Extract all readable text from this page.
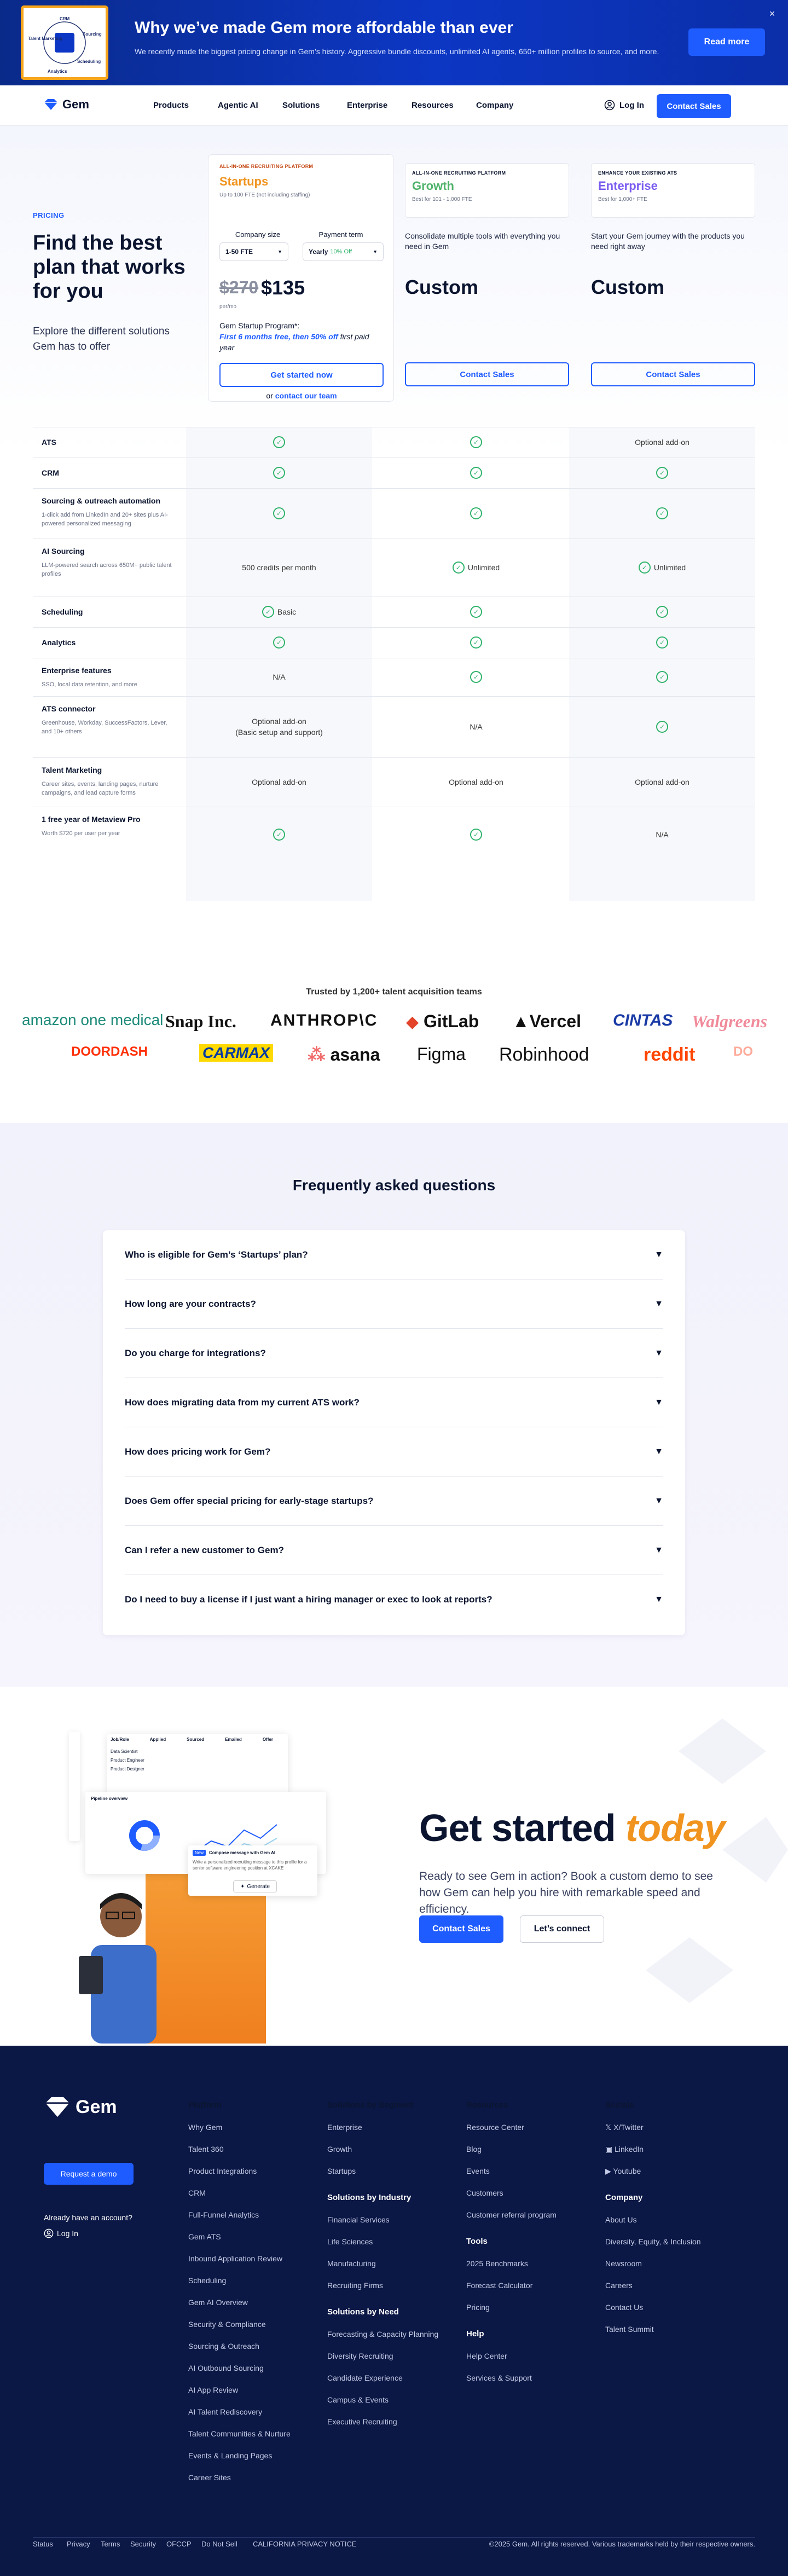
CRM
Sourcing
Scheduling
Talent Marketing
Analytics
Why we’ve made Gem more affordable than ever

We recently made the biggest pricing change in Gem’s history. Aggressive bundle discounts, unlimited AI agents, 650+ million profiles to source, and more.

Read more
×
Gem	Products	Agentic AI	Solutions	Enterprise	Resources	Company	Log In	Contact Sales
PRICING
Find the best plan that works for you

Explore the different solutions Gem has to offer

ALL-IN-ONE RECRUITING PLATFORM
Startups
Up to 100 FTE (not including staffing)
Company size
1-50 FTE	▼
Payment term
Yearly 10% Off	▼
$270 $135
per/mo
Gem Startup Program*:
First 6 months free, then 50% off first paid year
Get started now
or contact our team
ALL-IN-ONE RECRUITING PLATFORM
Growth
Best for 101 - 1,000 FTE
Consolidate multiple tools with everything you need in Gem
Custom
Contact Sales
ENHANCE YOUR EXISTING ATS
Enterprise
Best for 1,000+ FTE
Start your Gem journey with the products you need right away
Custom
Contact Sales
ATS	✓	✓	Optional add-on
CRM	✓	✓	✓
Sourcing & outreach automation
1-click add from LinkedIn and 20+ sites plus AI-powered personalized messaging
✓	✓	✓
AI Sourcing
LLM-powered search across 650M+ public talent profiles
500 credits per month	✓ Unlimited	✓ Unlimited
Scheduling	✓ Basic	✓	✓
Analytics	✓	✓	✓
Enterprise features
SSO, local data retention, and more
N/A	✓	✓
ATS connector
Greenhouse, Workday, SuccessFactors, Lever, and 10+ others
Optional add-on
(Basic setup and support)
N/A	✓
Talent Marketing
Career sites, events, landing pages, nurture campaigns, and lead capture forms
Optional add-on	Optional add-on	Optional add-on
1 free year of Metaview Pro
Worth $720 per user per year	✓	✓	N/A
Trusted by 1,200+ talent acquisition teams
amazon one medical Snap Inc. ANTHROP\C ◆ GitLab ▲Vercel CINTAS Walgreens
DOORDASH	CARMAX ⁂ asana Figma Robinhood	reddit	DO
Frequently asked questions
Who is eligible for Gem’s ‘Startups’ plan?	▼
How long are your contracts?	▼
Do you charge for integrations?	▼
How does migrating data from my current ATS work?	▼
How does pricing work for Gem?	▼
Does Gem offer special pricing for early-stage startups?	▼
Can I refer a new customer to Gem?	▼
Do I need to buy a license if I just want a hiring manager or exec to look at reports?	▼
Job/Role	Applied	Sourced	Emailed	Offer
Data Scientist
Product Engineer
Product Designer
Pipeline overview
New	Compose message with Gem AI
Write a personalized recruiting message to this profile for a senior software engineering position at XCAKE
✦ Generate
Get started today

Ready to see Gem in action? Book a custom demo to see how Gem can help you hire with remarkable speed and efficiency.

Contact Sales	Let’s connect
Gem
Request a demo
Already have an account?
Log In
Platform
Why Gem
Talent 360
Product Integrations
CRM
Full-Funnel Analytics
Gem ATS
Inbound Application Review
Scheduling
Gem AI Overview
Security & Compliance
Sourcing & Outreach
AI Outbound Sourcing
AI App Review
AI Talent Rediscovery
Talent Communities & Nurture
Events & Landing Pages
Career Sites
Solutions by Segment
Enterprise
Growth
Startups
Solutions by Industry
Financial Services
Life Sciences
Manufacturing
Recruiting Firms
Solutions by Need
Forecasting & Capacity Planning
Diversity Recruiting
Candidate Experience
Campus & Events
Executive Recruiting
Resources
Resource Center
Blog
Events
Customers
Customer referral program
Tools
2025 Benchmarks
Forecast Calculator
Pricing
Help
Help Center
Services & Support
Socials
𝕏 X/Twitter
▣ LinkedIn
▶ Youtube
Company
About Us
Diversity, Equity, & Inclusion
Newsroom
Careers
Contact Us
Talent Summit
Status	Privacy	Terms	Security	OFCCP	Do Not Sell	CALIFORNIA PRIVACY NOTICE	©2025 Gem. All rights reserved. Various trademarks held by their respective owners.
